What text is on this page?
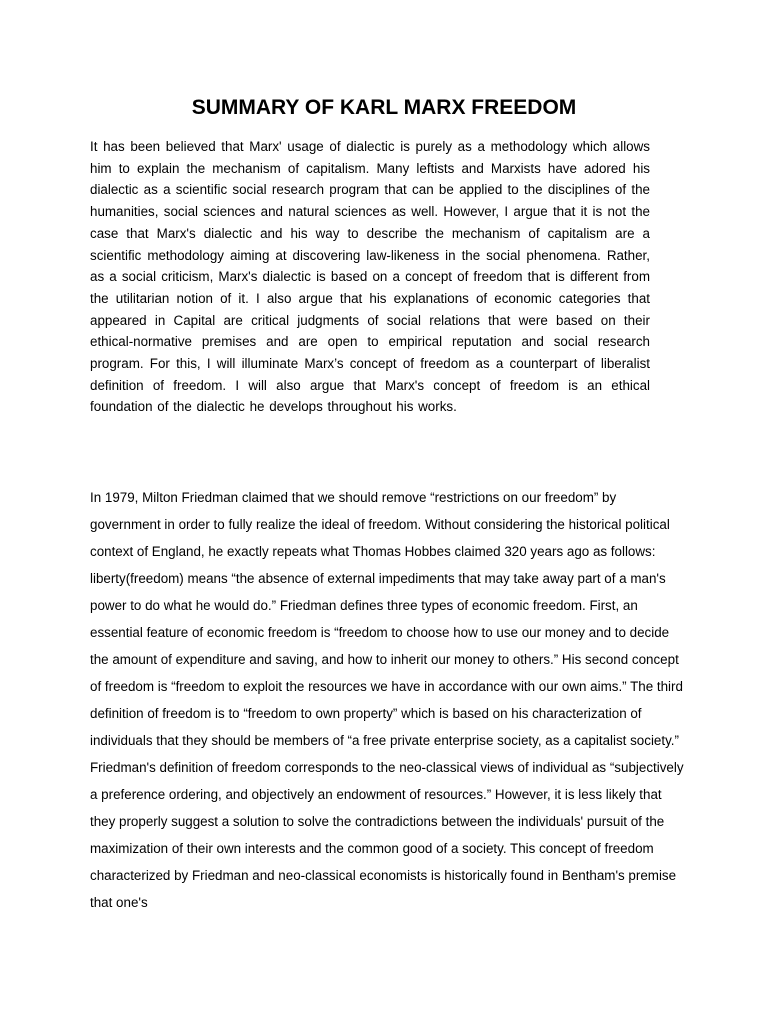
SUMMARY OF KARL MARX FREEDOM

It has been believed that Marx' usage of dialectic is purely as a methodology which allows him to explain the mechanism of capitalism. Many leftists and Marxists have adored his dialectic as a scientific social research program that can be applied to the disciplines of the humanities, social sciences and natural sciences as well. However, I argue that it is not the case that Marx's dialectic and his way to describe the mechanism of capitalism are a scientific methodology aiming at discovering law-likeness in the social phenomena. Rather, as a social criticism, Marx's dialectic is based on a concept of freedom that is different from the utilitarian notion of it. I also argue that his explanations of economic categories that appeared in Capital are critical judgments of social relations that were based on their ethical-normative premises and are open to empirical reputation and social research program. For this, I will illuminate Marx’s concept of freedom as a counterpart of liberalist definition of freedom. I will also argue that Marx's concept of freedom is an ethical foundation of the dialectic he develops throughout his works.

In 1979, Milton Friedman claimed that we should remove “restrictions on our freedom” by government in order to fully realize the ideal of freedom. Without considering the historical political context of England, he exactly repeats what Thomas Hobbes claimed 320 years ago as follows: liberty(freedom) means “the absence of external impediments that may take away part of a man's power to do what he would do.” Friedman defines three types of economic freedom. First, an essential feature of economic freedom is “freedom to choose how to use our money and to decide the amount of expenditure and saving, and how to inherit our money to others.” His second concept of freedom is “freedom to exploit the resources we have in accordance with our own aims.” The third definition of freedom is to “freedom to own property” which is based on his characterization of individuals that they should be members of “a free private enterprise society, as a capitalist society.” Friedman's definition of freedom corresponds to the neo-classical views of individual as “subjectively a preference ordering, and objectively an endowment of resources.” However, it is less likely that they properly suggest a solution to solve the contradictions between the individuals' pursuit of the maximization of their own interests and the common good of a society. This concept of freedom characterized by Friedman and neo-classical economists is historically found in Bentham's premise that one's
